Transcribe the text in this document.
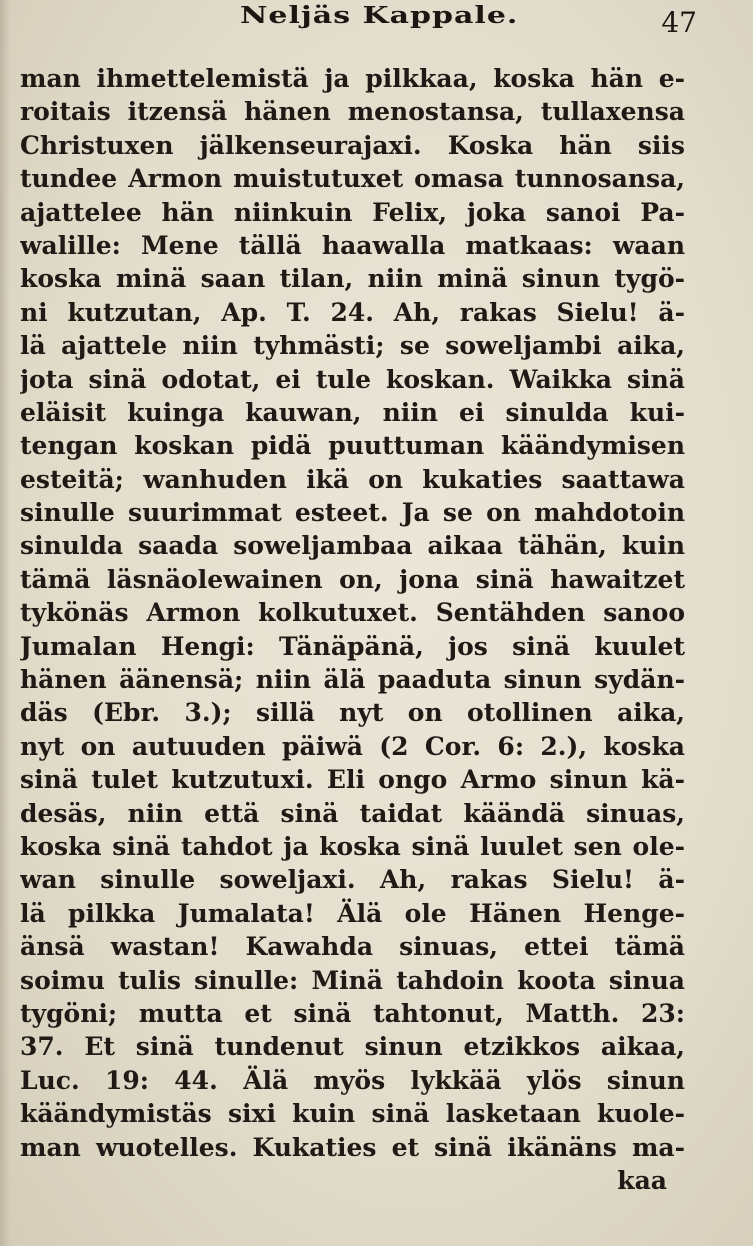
Neljäs Kappale.	47
man ihmettelemistä ja pilkkaa, koska hän e-
roitais itzensä hänen menostansa, tullaxensa
Christuxen jälkenseurajaxi. Koska hän siis
tundee Armon muistutuxet omasa tunnosansa,
ajattelee hän niinkuin Felix, joka sanoi Pa-
walille: Mene tällä haawalla matkaas: waan
koska minä saan tilan, niin minä sinun tygö-
ni kutzutan, Ap. T. 24. Ah, rakas Sielu! ä-
lä ajattele niin tyhmästi; se soweljambi aika,
jota sinä odotat, ei tule koskan. Waikka sinä
eläisit kuinga kauwan, niin ei sinulda kui-
tengan koskan pidä puuttuman käändymisen
esteitä; wanhuden ikä on kukaties saattawa
sinulle suurimmat esteet. Ja se on mahdotoin
sinulda saada soweljambaa aikaa tähän, kuin
tämä läsnäolewainen on, jona sinä hawaitzet
tykönäs Armon kolkutuxet. Sentähden sanoo
Jumalan Hengi: Tänäpänä, jos sinä kuulet
hänen äänensä; niin älä paaduta sinun sydän-
däs (Ebr. 3.); sillä nyt on otollinen aika,
nyt on autuuden päiwä (2 Cor. 6: 2.), koska
sinä tulet kutzutuxi. Eli ongo Armo sinun kä-
desäs, niin että sinä taidat käändä sinuas,
koska sinä tahdot ja koska sinä luulet sen ole-
wan sinulle soweljaxi. Ah, rakas Sielu! ä-
lä pilkka Jumalata! Älä ole Hänen Henge-
änsä wastan! Kawahda sinuas, ettei tämä
soimu tulis sinulle: Minä tahdoin koota sinua
tygöni; mutta et sinä tahtonut, Matth. 23:
37. Et sinä tundenut sinun etzikkos aikaa,
Luc. 19: 44. Älä myös lykkää ylös sinun
käändymistäs sixi kuin sinä lasketaan kuole-
man wuotelles. Kukaties et sinä ikänäns ma-
kaa
